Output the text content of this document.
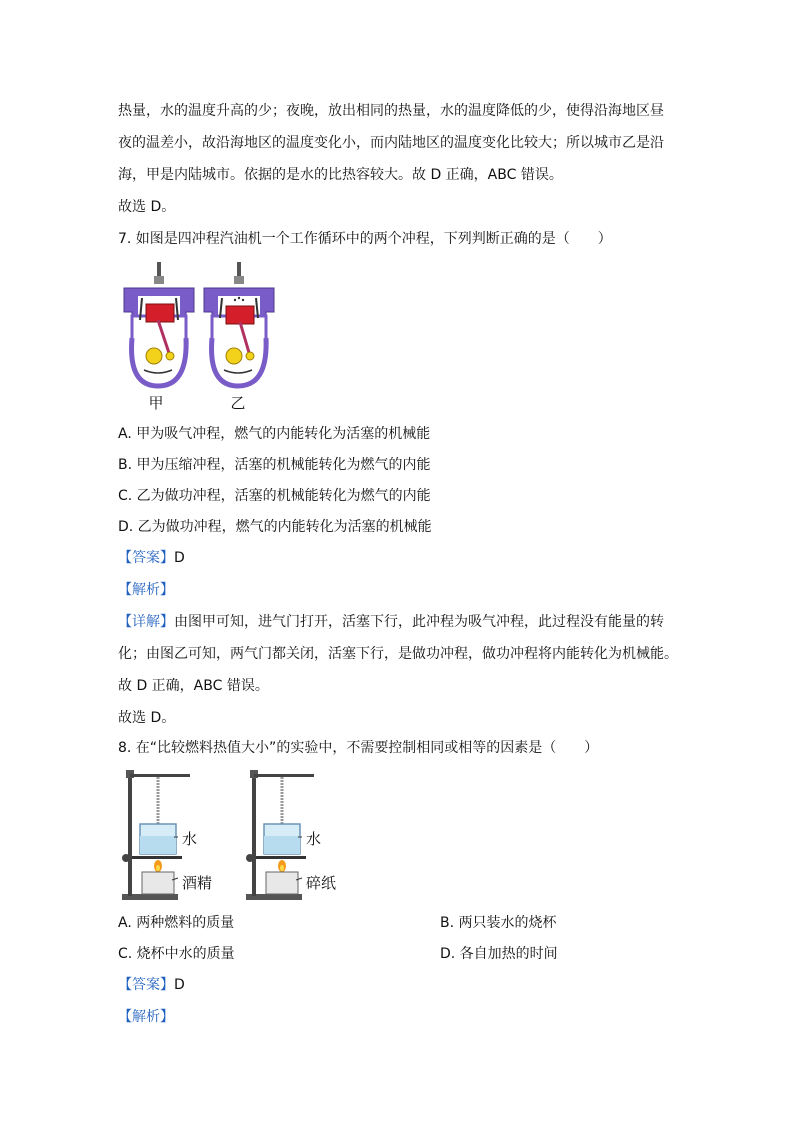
热量，水的温度升高的少；夜晚，放出相同的热量，水的温度降低的少，使得沿海地区昼
夜的温差小，故沿海地区的温度变化小，而内陆地区的温度变化比较大；所以城市乙是沿
海，甲是内陆城市。依据的是水的比热容较大。故 D 正确，ABC 错误。
故选 D。
7. 如图是四冲程汽油机一个工作循环中的两个冲程，下列判断正确的是（　　）
甲	乙
A. 甲为吸气冲程，燃气的内能转化为活塞的机械能
B. 甲为压缩冲程，活塞的机械能转化为燃气的内能
C. 乙为做功冲程，活塞的机械能转化为燃气的内能
D. 乙为做功冲程，燃气的内能转化为活塞的机械能
【答案】D
【解析】
【详解】由图甲可知，进气门打开，活塞下行，此冲程为吸气冲程，此过程没有能量的转
化；由图乙可知，两气门都关闭，活塞下行，是做功冲程，做功冲程将内能转化为机械能。
故 D 正确，ABC 错误。
故选 D。
8. 在“比较燃料热值大小”的实验中，不需要控制相同或相等的因素是（　　）
水
酒精
水
碎纸
A. 两种燃料的质量	B. 两只装水的烧杯
C. 烧杯中水的质量	D. 各自加热的时间
【答案】D
【解析】
